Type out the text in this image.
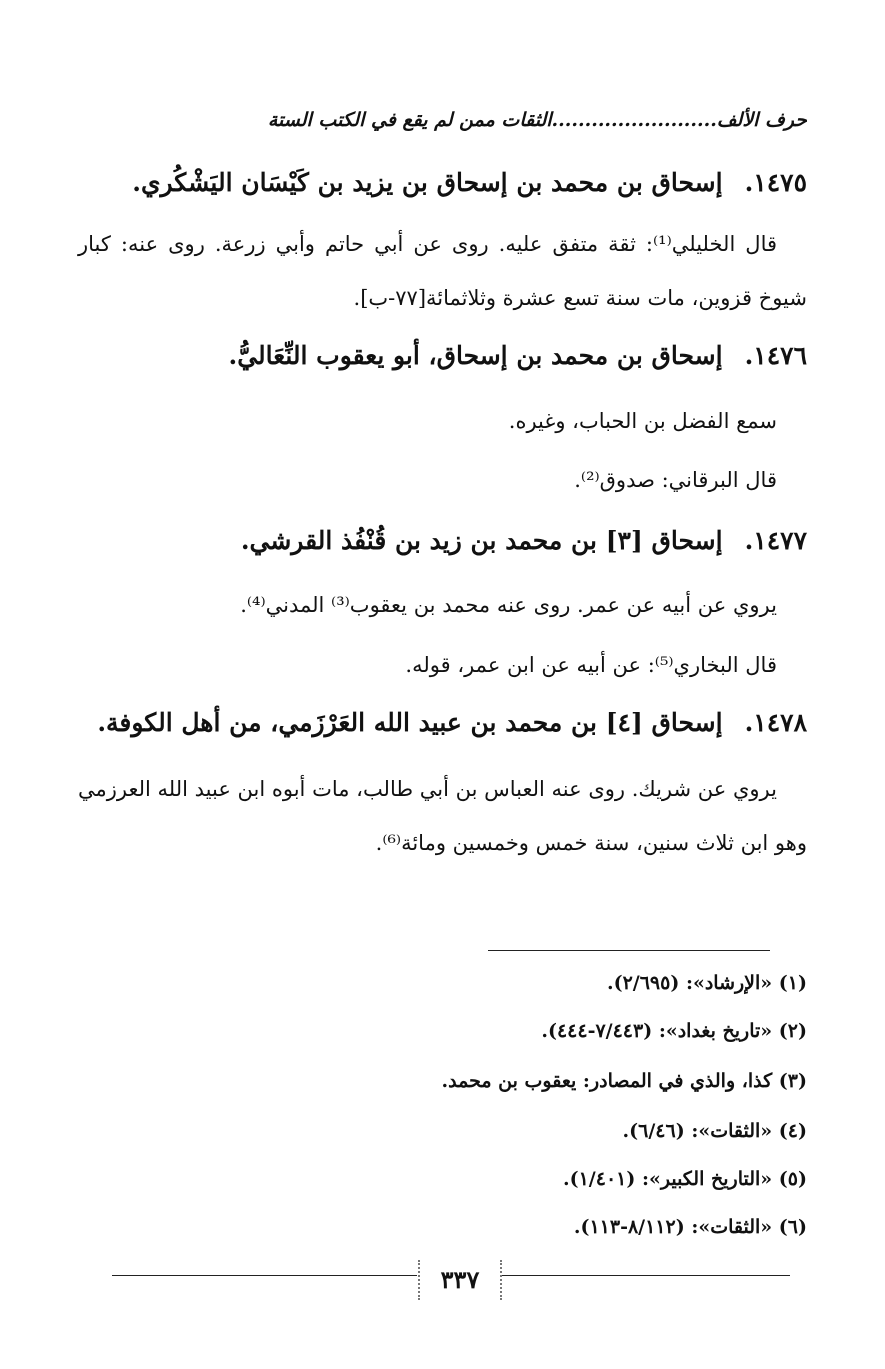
حرف الألف.........................الثقات ممن لم يقع في الكتب الستة
١٤٧٥.إسحاق بن محمد بن إسحاق بن يزيد بن كَيْسَان اليَشْكُري.
قال الخليلي⁽¹⁾: ثقة متفق عليه. روى عن أبي حاتم وأبي زرعة. روى عنه: كبار شيوخ قزوين، مات سنة تسع عشرة وثلاثمائة[٧٧-ب].
١٤٧٦.إسحاق بن محمد بن إسحاق، أبو يعقوب النِّعَاليُّ.
سمع الفضل بن الحباب، وغيره.
قال البرقاني: صدوق⁽²⁾.
١٤٧٧.إسحاق [٣] بن محمد بن زيد بن قُنْفُذ القرشي.
يروي عن أبيه عن عمر. روى عنه محمد بن يعقوب⁽³⁾ المدني⁽⁴⁾.
قال البخاري⁽⁵⁾: عن أبيه عن ابن عمر، قوله.
١٤٧٨.إسحاق [٤] بن محمد بن عبيد الله العَرْزَمي، من أهل الكوفة.
يروي عن شريك. روى عنه العباس بن أبي طالب، مات أبوه ابن عبيد الله العرزمي وهو ابن ثلاث سنين، سنة خمس وخمسين ومائة⁽⁶⁾.
(١) «الإرشاد»: (٢/٦٩٥).
(٢) «تاريخ بغداد»: (٧/٤٤٣-٤٤٤).
(٣) كذا، والذي في المصادر: يعقوب بن محمد.
(٤) «الثقات»: (٦/٤٦).
(٥) «التاريخ الكبير»: (١/٤٠١).
(٦) «الثقات»: (٨/١١٢-١١٣).
٣٣٧
